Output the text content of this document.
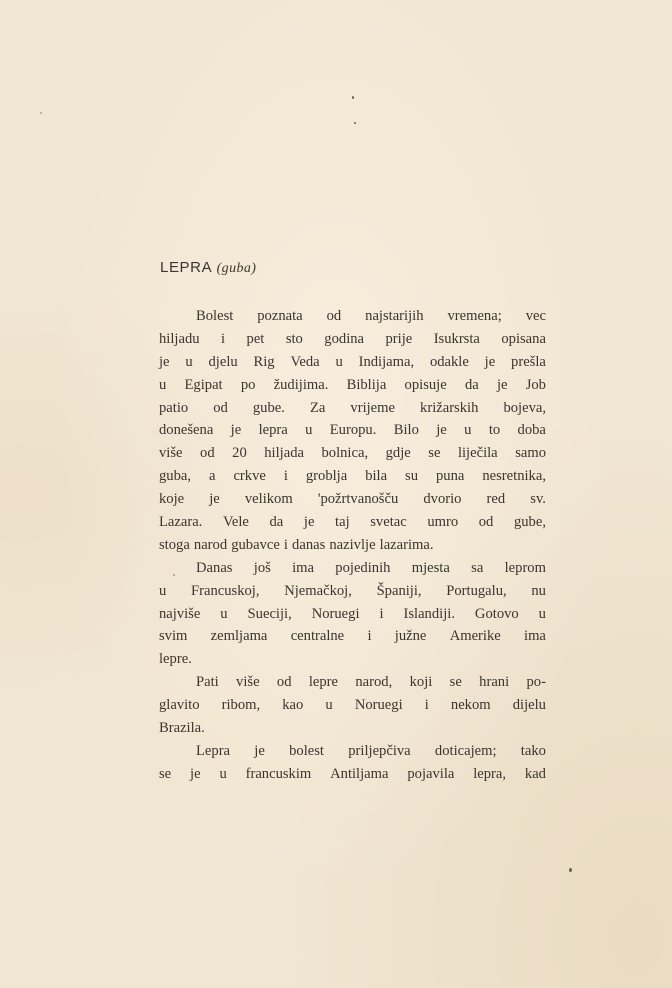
LEPRA (guba)
Bolest poznata od najstarijih vremena; vec
hiljadu i pet sto godina prije Isukrsta opisana
je u djelu Rig Veda u Indijama, odakle je prešla
u Egipat po žudijima. Biblija opisuje da je Job
patio od gube. Za vrijeme križarskih bojeva,
donešena je lepra u Europu. Bilo je u to doba
više od 20 hiljada bolnica, gdje se liječila samo
guba, a crkve i groblja bila su puna nesretnika,
koje je velikom 'požrtvanošču dvorio red sv.
Lazara. Vele da je taj svetac umro od gube,
stoga narod gubavce i danas nazivlje lazarima.
Danas još ima pojedinih mjesta sa leprom
u Francuskoj, Njemačkoj, Španiji, Portugalu, nu
najviše u Sueciji, Noruegi i Islandiji. Gotovo u
svim zemljama centralne i južne Amerike ima
lepre.
Pati više od lepre narod, koji se hrani po-
glavito ribom, kao u Noruegi i nekom dijelu
Brazila.
Lepra je bolest priljepčiva doticajem; tako
se je u francuskim Antiljama pojavila lepra, kad
